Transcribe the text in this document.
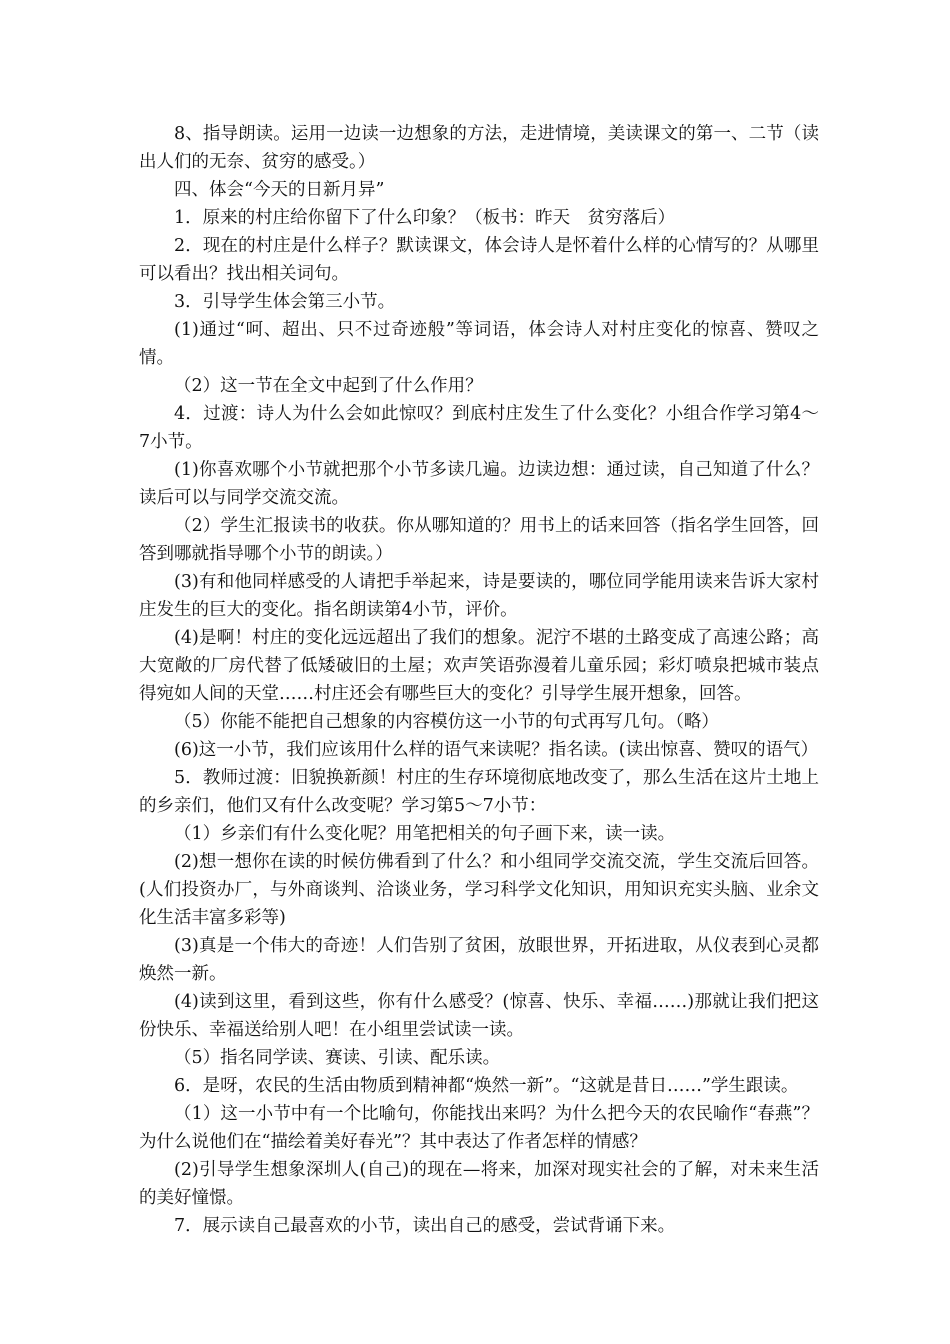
8、指导朗读。运用一边读一边想象的方法，走进情境，美读课文的第一、二节（读出人们的无奈、贫穷的感受。）

四、体会“今天的日新月异”

1．原来的村庄给你留下了什么印象？（板书：昨天　贫穷落后）

2．现在的村庄是什么样子？默读课文，体会诗人是怀着什么样的心情写的？从哪里可以看出？找出相关词句。

3．引导学生体会第三小节。

(1)通过“呵、超出、只不过奇迹般”等词语，体会诗人对村庄变化的惊喜、赞叹之情。

（2）这一节在全文中起到了什么作用？

4．过渡：诗人为什么会如此惊叹？到底村庄发生了什么变化？小组合作学习第4～7小节。

(1)你喜欢哪个小节就把那个小节多读几遍。边读边想：通过读，自己知道了什么？读后可以与同学交流交流。

（2）学生汇报读书的收获。你从哪知道的？用书上的话来回答（指名学生回答，回答到哪就指导哪个小节的朗读。）

(3)有和他同样感受的人请把手举起来，诗是要读的，哪位同学能用读来告诉大家村庄发生的巨大的变化。指名朗读第4小节，评价。

(4)是啊！村庄的变化远远超出了我们的想象。泥泞不堪的土路变成了高速公路；高大宽敞的厂房代替了低矮破旧的土屋；欢声笑语弥漫着儿童乐园；彩灯喷泉把城市装点得宛如人间的天堂……村庄还会有哪些巨大的变化？引导学生展开想象，回答。

（5）你能不能把自己想象的内容模仿这一小节的句式再写几句。（略）

(6)这一小节，我们应该用什么样的语气来读呢？指名读。(读出惊喜、赞叹的语气）

5．教师过渡：旧貌换新颜！村庄的生存环境彻底地改变了，那么生活在这片土地上的乡亲们，他们又有什么改变呢？学习第5～7小节：

（1）乡亲们有什么变化呢？用笔把相关的句子画下来，读一读。

(2)想一想你在读的时候仿佛看到了什么？和小组同学交流交流，学生交流后回答。(人们投资办厂，与外商谈判、洽谈业务，学习科学文化知识，用知识充实头脑、业余文化生活丰富多彩等)

(3)真是一个伟大的奇迹！人们告别了贫困，放眼世界，开拓进取，从仪表到心灵都焕然一新。

(4)读到这里，看到这些，你有什么感受？(惊喜、快乐、幸福……)那就让我们把这份快乐、幸福送给别人吧！在小组里尝试读一读。

（5）指名同学读、赛读、引读、配乐读。

6．是呀，农民的生活由物质到精神都“焕然一新”。“这就是昔日……”学生跟读。

（1）这一小节中有一个比喻句，你能找出来吗？为什么把今天的农民喻作“春燕”？为什么说他们在“描绘着美好春光”？其中表达了作者怎样的情感？

(2)引导学生想象深圳人(自己)的现在—将来，加深对现实社会的了解，对未来生活的美好憧憬。

7．展示读自己最喜欢的小节，读出自己的感受，尝试背诵下来。
